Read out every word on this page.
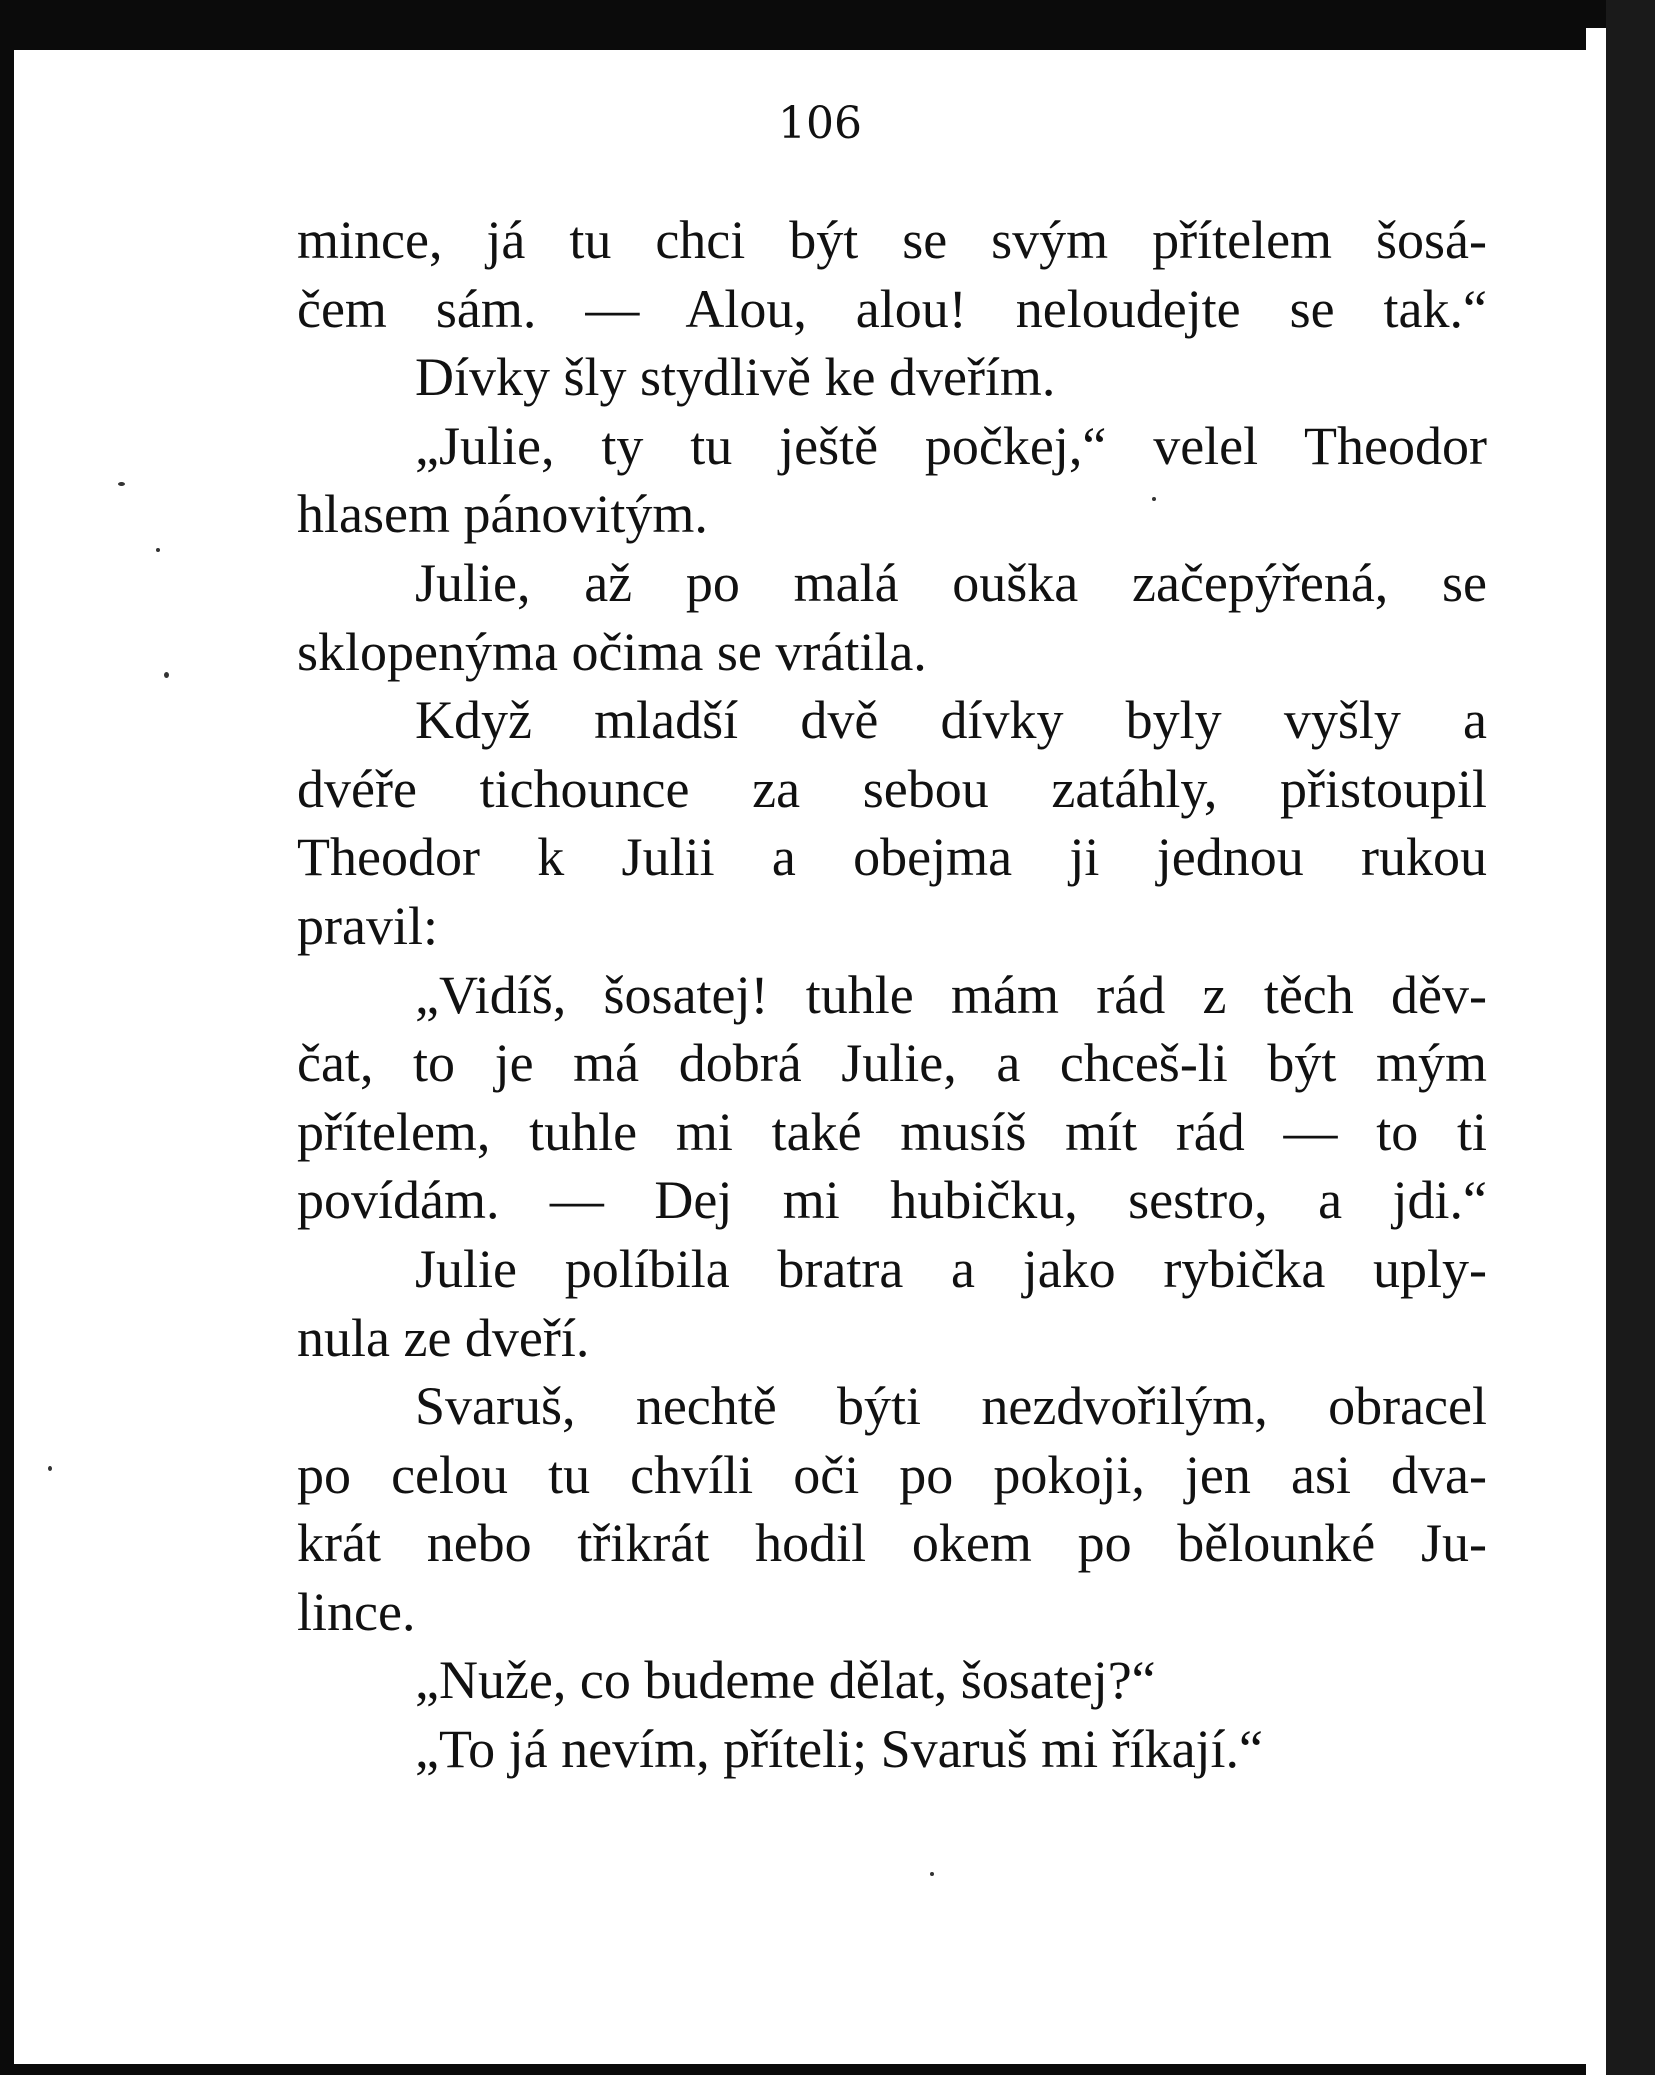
106
mince, já tu chci být se svým přítelem šosá-
čem sám. — Alou, alou! neloudejte se tak.“
Dívky šly stydlivě ke dveřím.
„Julie, ty tu ještě počkej,“ velel Theodor
hlasem pánovitým.
Julie, až po malá ouška začepýřená, se
sklopenýma očima se vrátila.
Když mladší dvě dívky byly vyšly a
dvéře tichounce za sebou zatáhly, přistoupil
Theodor k Julii a obejma ji jednou rukou
pravil:
„Vidíš, šosatej! tuhle mám rád z těch děv-
čat, to je má dobrá Julie, a chceš-li být mým
přítelem, tuhle mi také musíš mít rád — to ti
povídám. — Dej mi hubičku, sestro, a jdi.“
Julie políbila bratra a jako rybička uply-
nula ze dveří.
Svaruš, nechtě býti nezdvořilým, obracel
po celou tu chvíli oči po pokoji, jen asi dva-
krát nebo třikrát hodil okem po bělounké Ju-
lince.
„Nuže, co budeme dělat, šosatej?“
„To já nevím, příteli; Svaruš mi říkají.“
